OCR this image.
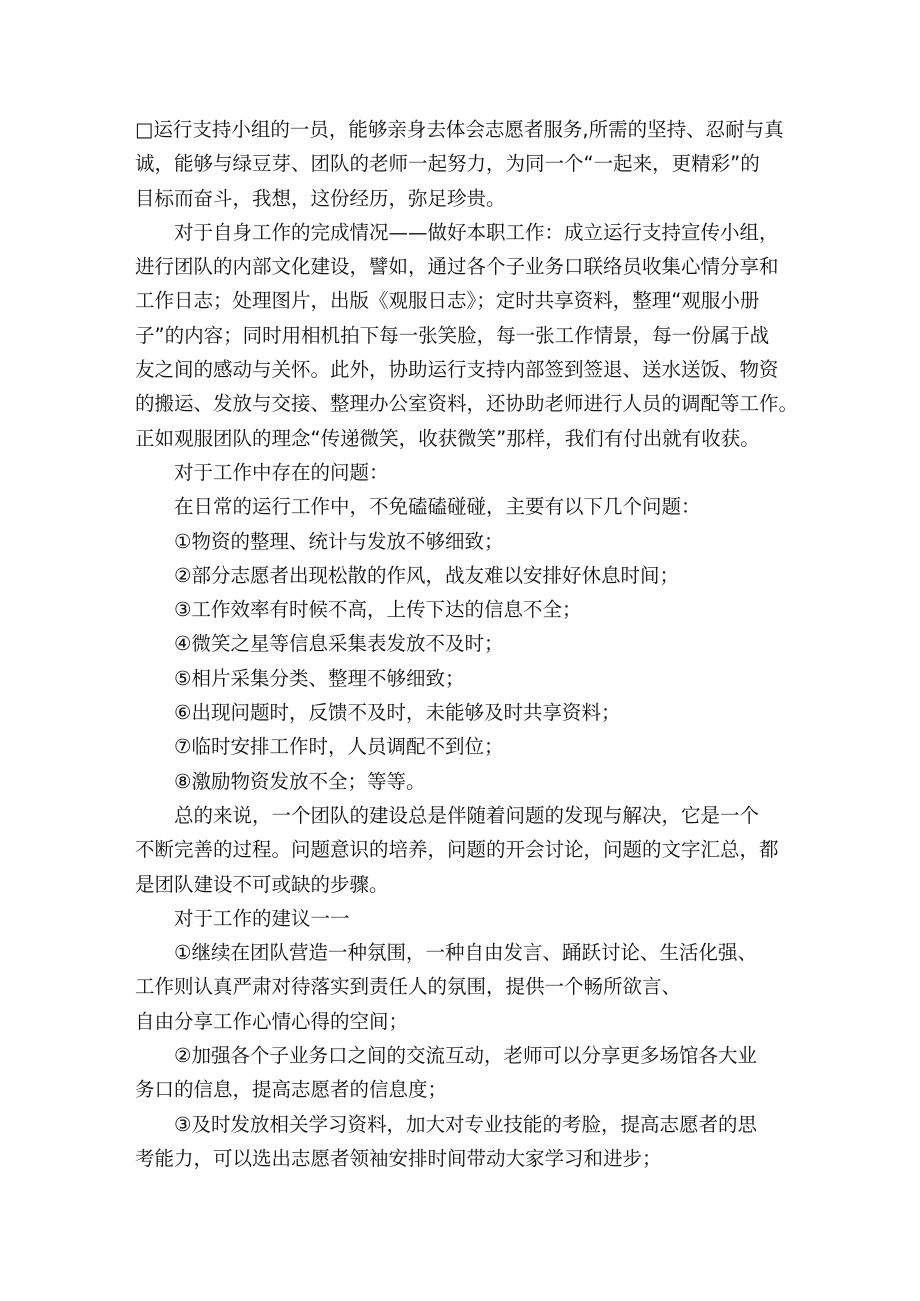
□运行支持小组的一员，能够亲身去体会志愿者服务,所需的坚持、忍耐与真
诚，能够与绿豆芽、团队的老师一起努力，为同一个“一起来，更精彩”的
目标而奋斗，我想，这份经历，弥足珍贵。
对于自身工作的完成情况——做好本职工作：成立运行支持宣传小组，
进行团队的内部文化建设，譬如，通过各个子业务口联络员收集心情分享和
工作日志；处理图片，出版《观服日志》；定时共享资料，整理“观服小册
子”的内容；同时用相机拍下每一张笑脸，每一张工作情景，每一份属于战
友之间的感动与关怀。此外，协助运行支持内部签到签退、送水送饭、物资
的搬运、发放与交接、整理办公室资料，还协助老师进行人员的调配等工作。
正如观服团队的理念“传递微笑，收获微笑”那样，我们有付出就有收获。
对于工作中存在的问题：
在日常的运行工作中，不免磕磕碰碰，主要有以下几个问题：
①物资的整理、统计与发放不够细致；
②部分志愿者出现松散的作风，战友难以安排好休息时间；
③工作效率有时候不高，上传下达的信息不全；
④微笑之星等信息采集表发放不及时；
⑤相片采集分类、整理不够细致；
⑥出现问题时，反馈不及时，未能够及时共享资料；
⑦临时安排工作时，人员调配不到位；
⑧激励物资发放不全；等等。
总的来说，一个团队的建设总是伴随着问题的发现与解决，它是一个
不断完善的过程。问题意识的培养，问题的开会讨论，问题的文字汇总，都
是团队建设不可或缺的步骤。
对于工作的建议一一
①继续在团队营造一种氛围，一种自由发言、踊跃讨论、生活化强、
工作则认真严肃对待落实到责任人的氛围，提供一个畅所欲言、
自由分享工作心情心得的空间；
②加强各个子业务口之间的交流互动，老师可以分享更多场馆各大业
务口的信息，提高志愿者的信息度；
③及时发放相关学习资料，加大对专业技能的考脸，提高志愿者的思
考能力，可以选出志愿者领袖安排时间带动大家学习和进步；
